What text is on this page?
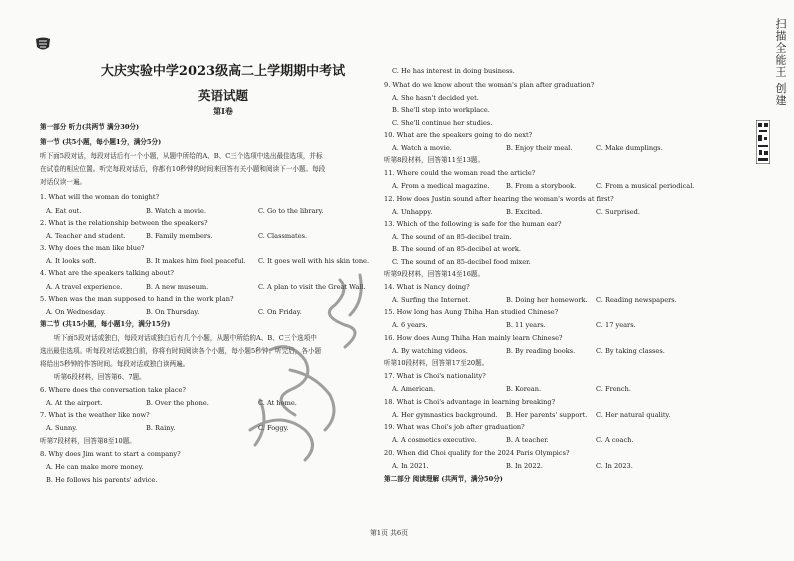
大庆实验中学2023级高二上学期期中考试
英语试题
第Ⅰ卷
第一部分 听力(共两节 满分30分)
第一节 (共5小题，每小题1分，满分5分)
听下面5段对话，每段对话后有一个小题，从题中所给的A、B、C三个选项中选出最佳选项，并标
在试卷的相应位置。听完每段对话后，你都有10秒钟的时间来回答有关小题和阅读下一小题。每段
对话仅读一遍。
1. What will the woman do tonight?
A. Eat out.	B. Watch a movie.	C. Go to the library.
2. What is the relationship between the speakers?
A. Teacher and student.	B. Family members.	C. Classmates.
3. Why does the man like blue?
A. It looks soft.	B. It makes him feel peaceful. C. It goes well with his skin tone.
4. What are the speakers talking about?
A. A travel experience.	B. A new museum.	C. A plan to visit the Great Wall.
5. When was the man supposed to hand in the work plan?
A. On Wednesday.	B. On Thursday.	C. On Friday.
第二节 (共15小题，每小题1分，满分15分)
听下面5段对话或独白，每段对话或独白后有几个小题，从题中所给的A、B、C三个选项中
选出最佳选项。听每段对话或独白前，你将有时间阅读各个小题，每小题5秒钟；听完后，各小题
将给出5秒钟的作答时间。每段对话或独白读两遍。
听第6段材料，回答第6、7题。
6. Where does the conversation take place?
A. At the airport.	B. Over the phone.	C. At home.
7. What is the weather like now?
A. Sunny.	B. Rainy.	C. Foggy.
听第7段材料，回答第8至10题。
8. Why does Jim want to start a company?
A. He can make more money.
B. He follows his parents' advice.
C. He has interest in doing business.
9. What do we know about the woman's plan after graduation?
A. She hasn't decided yet.
B. She'll step into workplace.
C. She'll continue her studies.
10. What are the speakers going to do next?
A. Watch a movie.	B. Enjoy their meal.	C. Make dumplings.
听第8段材料，回答第11至13题。
11. Where could the woman read the article?
A. From a medical magazine. B. From a storybook.	C. From a musical periodical.
12. How does Justin sound after hearing the woman's words at first?
A. Unhappy.	B. Excited.	C. Surprised.
13. Which of the following is safe for the human ear?
A. The sound of an 85-decibel train.
B. The sound of an 85-decibel at work.
C. The sound of an 85-decibel food mixer.
听第9段材料，回答第14至16题。
14. What is Nancy doing?
A. Surfing the Internet.	B. Doing her homework. C. Reading newspapers.
15. How long has Aung Thiha Han studied Chinese?
A. 6 years.	B. 11 years.	C. 17 years.
16. How does Aung Thiha Han mainly learn Chinese?
A. By watching videos.	B. By reading books.	C. By taking classes.
听第10段材料，回答第17至20题。
17. What is Choi's nationality?
A. American.	B. Korean.	C. French.
18. What is Choi's advantage in learning breaking?
A. Her gymnastics background. B. Her parents' support. C. Her natural quality.
19. What was Choi's job after graduation?
A. A cosmetics executive.	B. A teacher.	C. A coach.
20. When did Choi qualify for the 2024 Paris Olympics?
A. In 2021.	B. In 2022.	C. In 2023.
第二部分 阅读理解 (共两节，满分50分)
第1页 共6页
扫描全能王 创建
